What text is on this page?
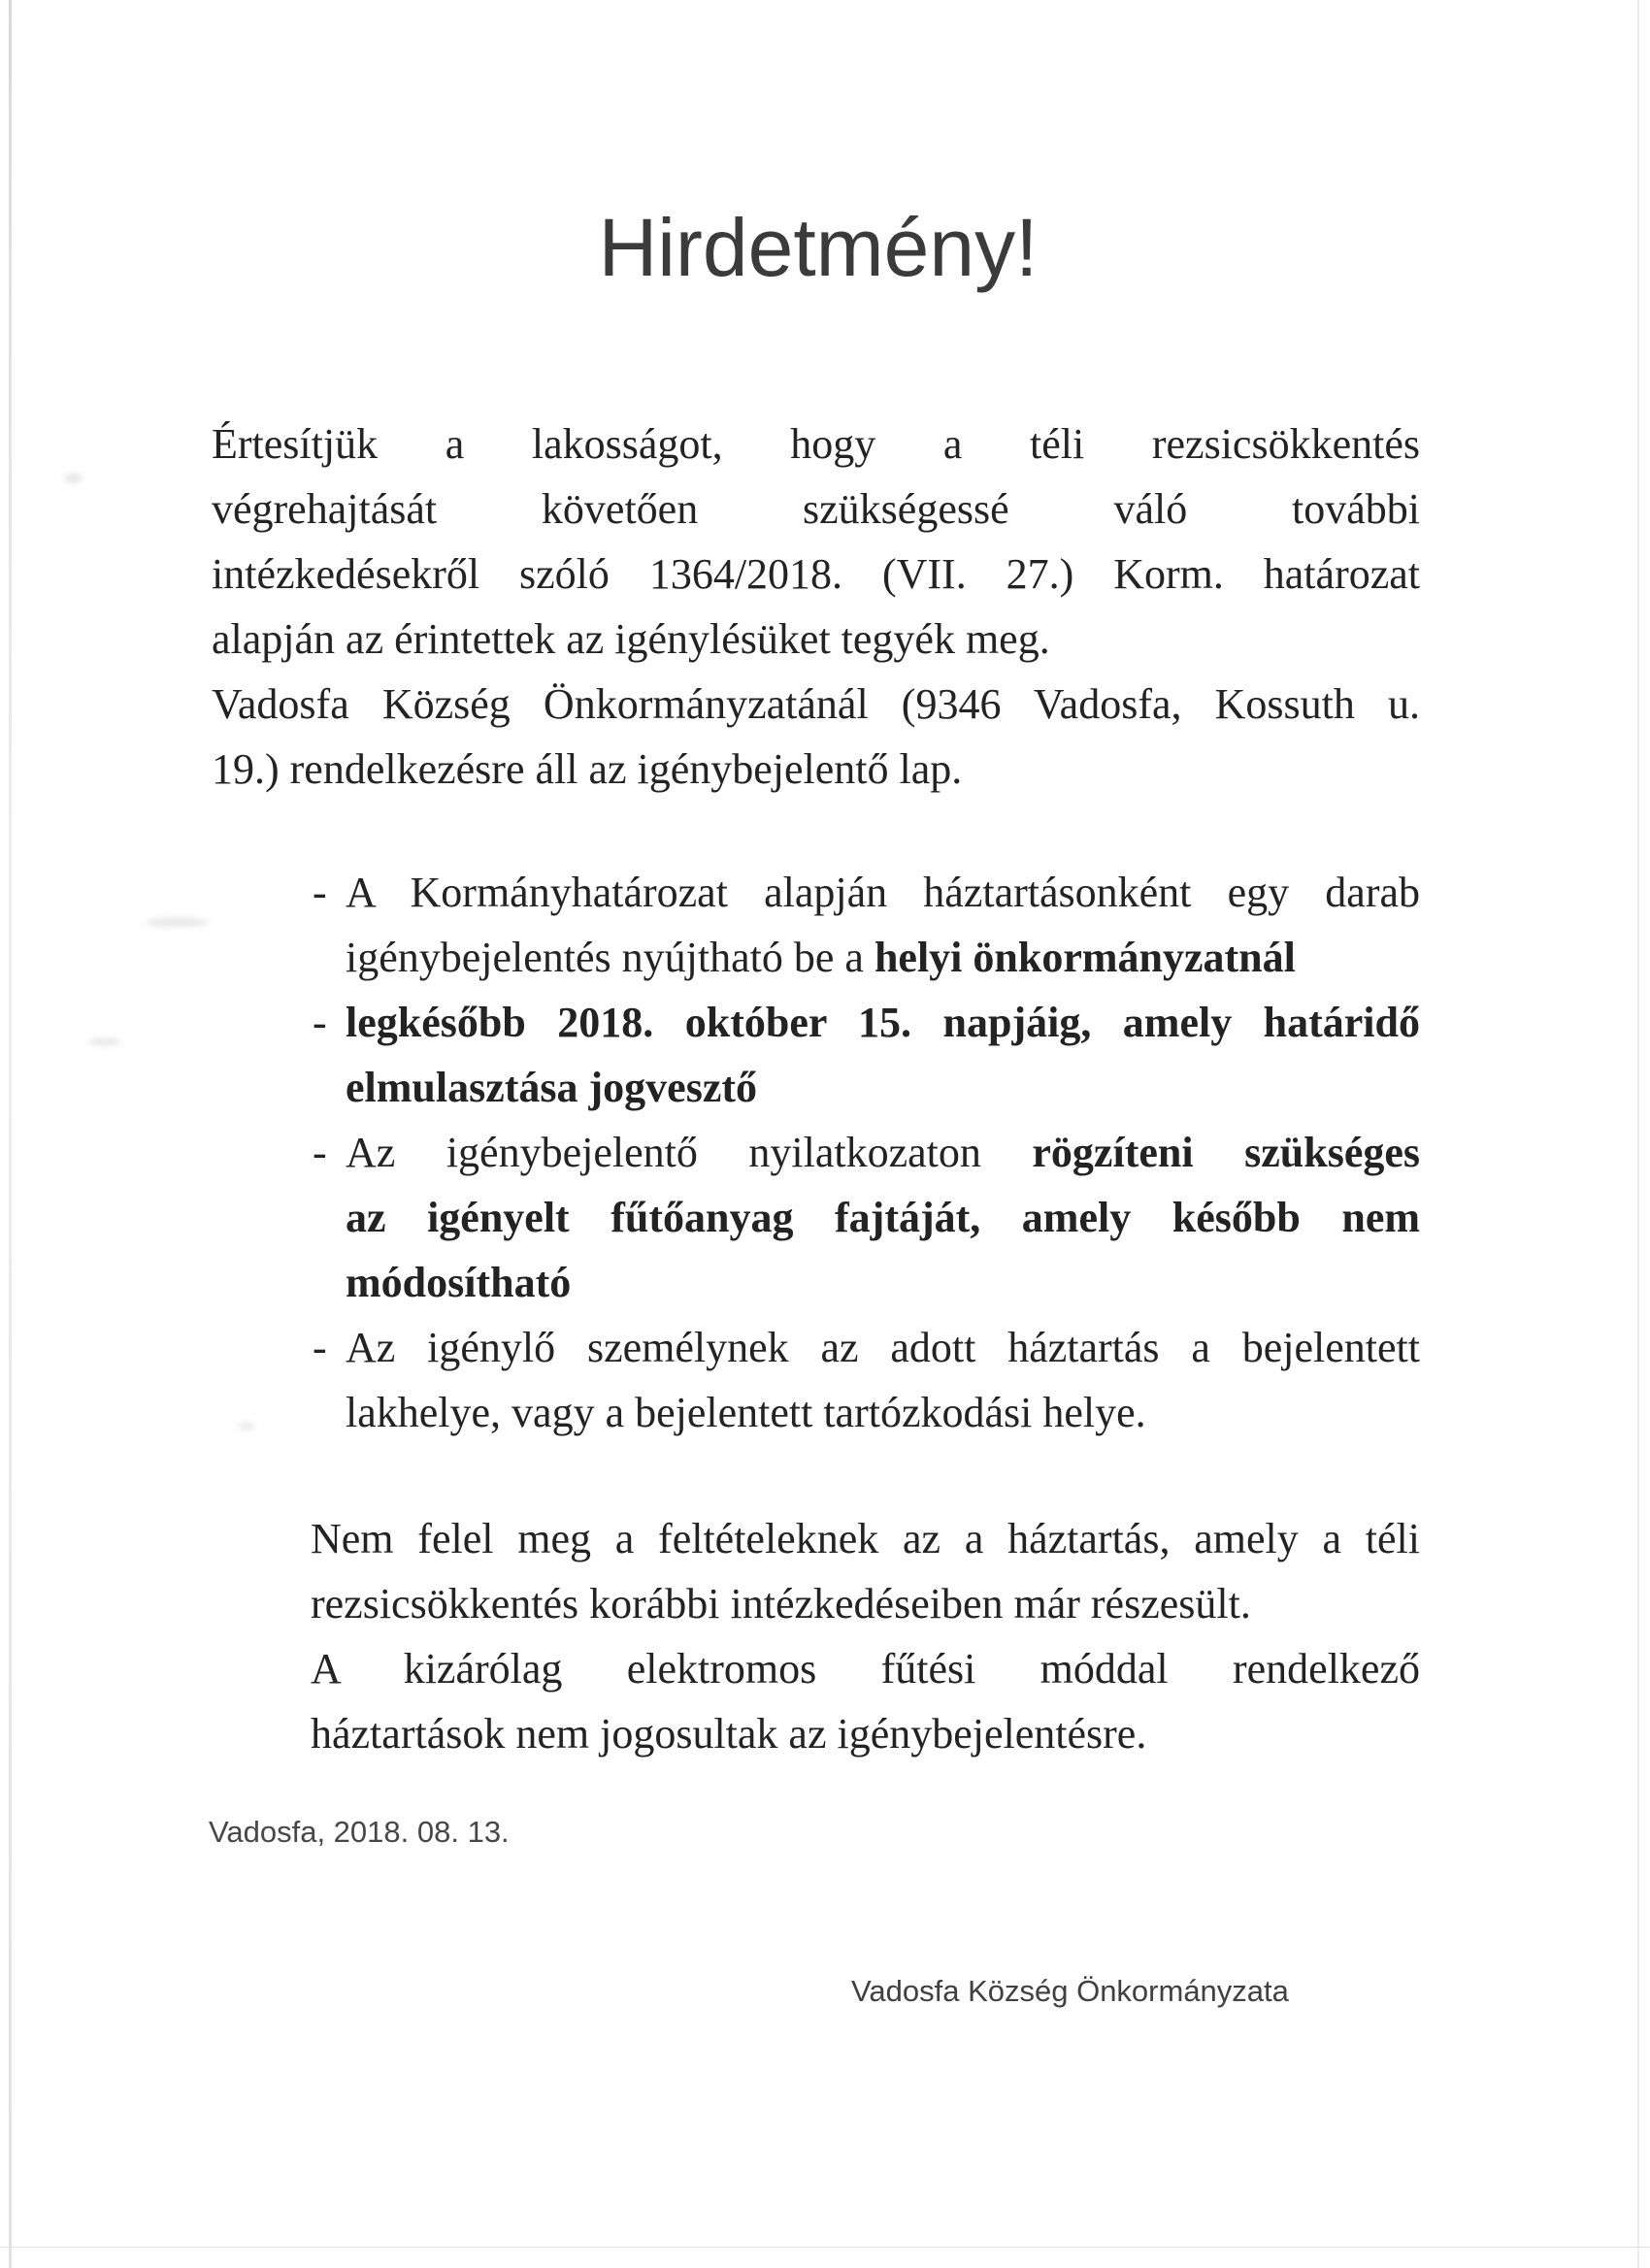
Hirdetmény!
Értesítjük a lakosságot, hogy a téli rezsicsökkentés
végrehajtását követően szükségessé váló további
intézkedésekről szóló 1364/2018. (VII. 27.) Korm. határozat
alapján az érintettek az igénylésüket tegyék meg.
Vadosfa Község Önkormányzatánál (9346 Vadosfa, Kossuth u.
19.) rendelkezésre áll az igénybejelentő lap.
- A Kormányhatározat alapján háztartásonként egy darab
igénybejelentés nyújtható be a helyi önkormányzatnál
- legkésőbb 2018. október 15. napjáig, amely határidő
elmulasztása jogvesztő
- Az igénybejelentő nyilatkozaton rögzíteni szükséges
az igényelt fűtőanyag fajtáját, amely később nem
módosítható
- Az igénylő személynek az adott háztartás a bejelentett
lakhelye, vagy a bejelentett tartózkodási helye.
Nem felel meg a feltételeknek az a háztartás, amely a téli
rezsicsökkentés korábbi intézkedéseiben már részesült.
A kizárólag elektromos fűtési móddal rendelkező
háztartások nem jogosultak az igénybejelentésre.
Vadosfa, 2018. 08. 13.
Vadosfa Község Önkormányzata
